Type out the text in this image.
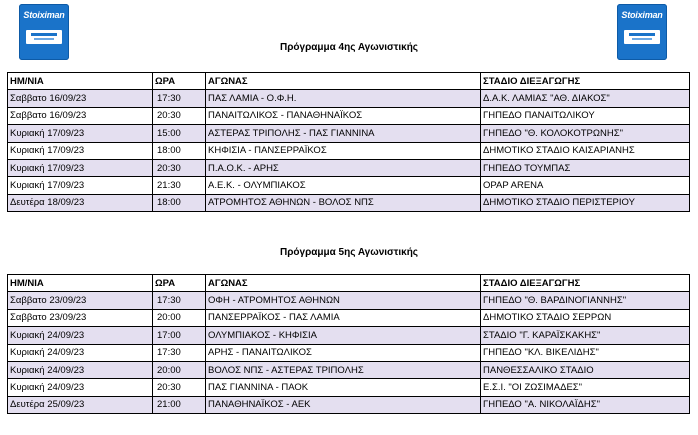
Stoiximan	Stoiximan
Πρόγραμμα 4ης Αγωνιστικής
ΗΜ/ΝΙΑ	ΩΡΑ	ΑΓΩΝΑΣ	ΣΤΑΔΙΟ ΔΙΕΞΑΓΩΓΗΣ
Σαββατο 16/09/23	17:30	ΠΑΣ ΛΑΜΙΑ - Ο.Φ.Η.	Δ.Α.Κ. ΛΑΜΙΑΣ "ΑΘ. ΔΙΑΚΟΣ"
Σαββατο 16/09/23	20:30	ΠΑΝΑΙΤΩΛΙΚΟΣ - ΠΑΝΑΘΗΝΑΪΚΟΣ	ΓΗΠΕΔΟ ΠΑΝΑΙΤΩΛΙΚΟΥ
Κυριακή 17/09/23	15:00	ΑΣΤΕΡΑΣ ΤΡΙΠΟΛΗΣ - ΠΑΣ ΓΙΑΝΝΙΝΑ	ΓΗΠΕΔΟ "Θ. ΚΟΛΟΚΟΤΡΩΝΗΣ"
Κυριακή 17/09/23	18:00	ΚΗΦΙΣΙΑ - ΠΑΝΣΕΡΡΑΪΚΟΣ	ΔΗΜΟΤΙΚΟ ΣΤΑΔΙΟ ΚΑΙΣΑΡΙΑΝΗΣ
Κυριακή 17/09/23	20:30	Π.Α.Ο.Κ. - ΑΡΗΣ	ΓΗΠΕΔΟ ΤΟΥΜΠΑΣ
Κυριακή 17/09/23	21:30	Α.Ε.Κ. - ΟΛΥΜΠΙΑΚΟΣ	OPAP ARENA
Δευτέρα 18/09/23	18:00	ΑΤΡΟΜΗΤΟΣ ΑΘΗΝΩΝ - ΒΟΛΟΣ ΝΠΣ	ΔΗΜΟΤΙΚΟ ΣΤΑΔΙΟ ΠΕΡΙΣΤΕΡΙΟΥ
Πρόγραμμα 5ης Αγωνιστικής
ΗΜ/ΝΙΑ	ΩΡΑ	ΑΓΩΝΑΣ	ΣΤΑΔΙΟ ΔΙΕΞΑΓΩΓΗΣ
Σαββατο 23/09/23	17:30	ΟΦΗ - ΑΤΡΟΜΗΤΟΣ ΑΘΗΝΩΝ	ΓΗΠΕΔΟ "Θ. ΒΑΡΔΙΝΟΓΙΑΝΝΗΣ"
Σαββατο 23/09/23	20:00	ΠΑΝΣΕΡΡΑΪΚΟΣ - ΠΑΣ ΛΑΜΙΑ	ΔΗΜΟΤΙΚΟ ΣΤΑΔΙΟ ΣΕΡΡΩΝ
Κυριακή 24/09/23	17:00	ΟΛΥΜΠΙΑΚΟΣ - ΚΗΦΙΣΙΑ	ΣΤΑΔΙΟ "Γ. ΚΑΡΑΪΣΚΑΚΗΣ"
Κυριακή 24/09/23	17:30	ΑΡΗΣ - ΠΑΝΑΙΤΩΛΙΚΟΣ	ΓΗΠΕΔΟ "ΚΛ. ΒΙΚΕΛΙΔΗΣ"
Κυριακή 24/09/23	20:00	ΒΟΛΟΣ ΝΠΣ - ΑΣΤΕΡΑΣ ΤΡΙΠΟΛΗΣ	ΠΑΝΘΕΣΣΑΛΙΚΟ ΣΤΑΔΙΟ
Κυριακή 24/09/23	20:30	ΠΑΣ ΓΙΑΝΝΙΝΑ - ΠΑΟΚ	Ε.Σ.Ι. "ΟΙ ΖΩΣΙΜΑΔΕΣ"
Δευτέρα 25/09/23	21:00	ΠΑΝΑΘΗΝΑΪΚΟΣ - ΑΕΚ	ΓΗΠΕΔΟ "Α. ΝΙΚΟΛΑΪΔΗΣ"
